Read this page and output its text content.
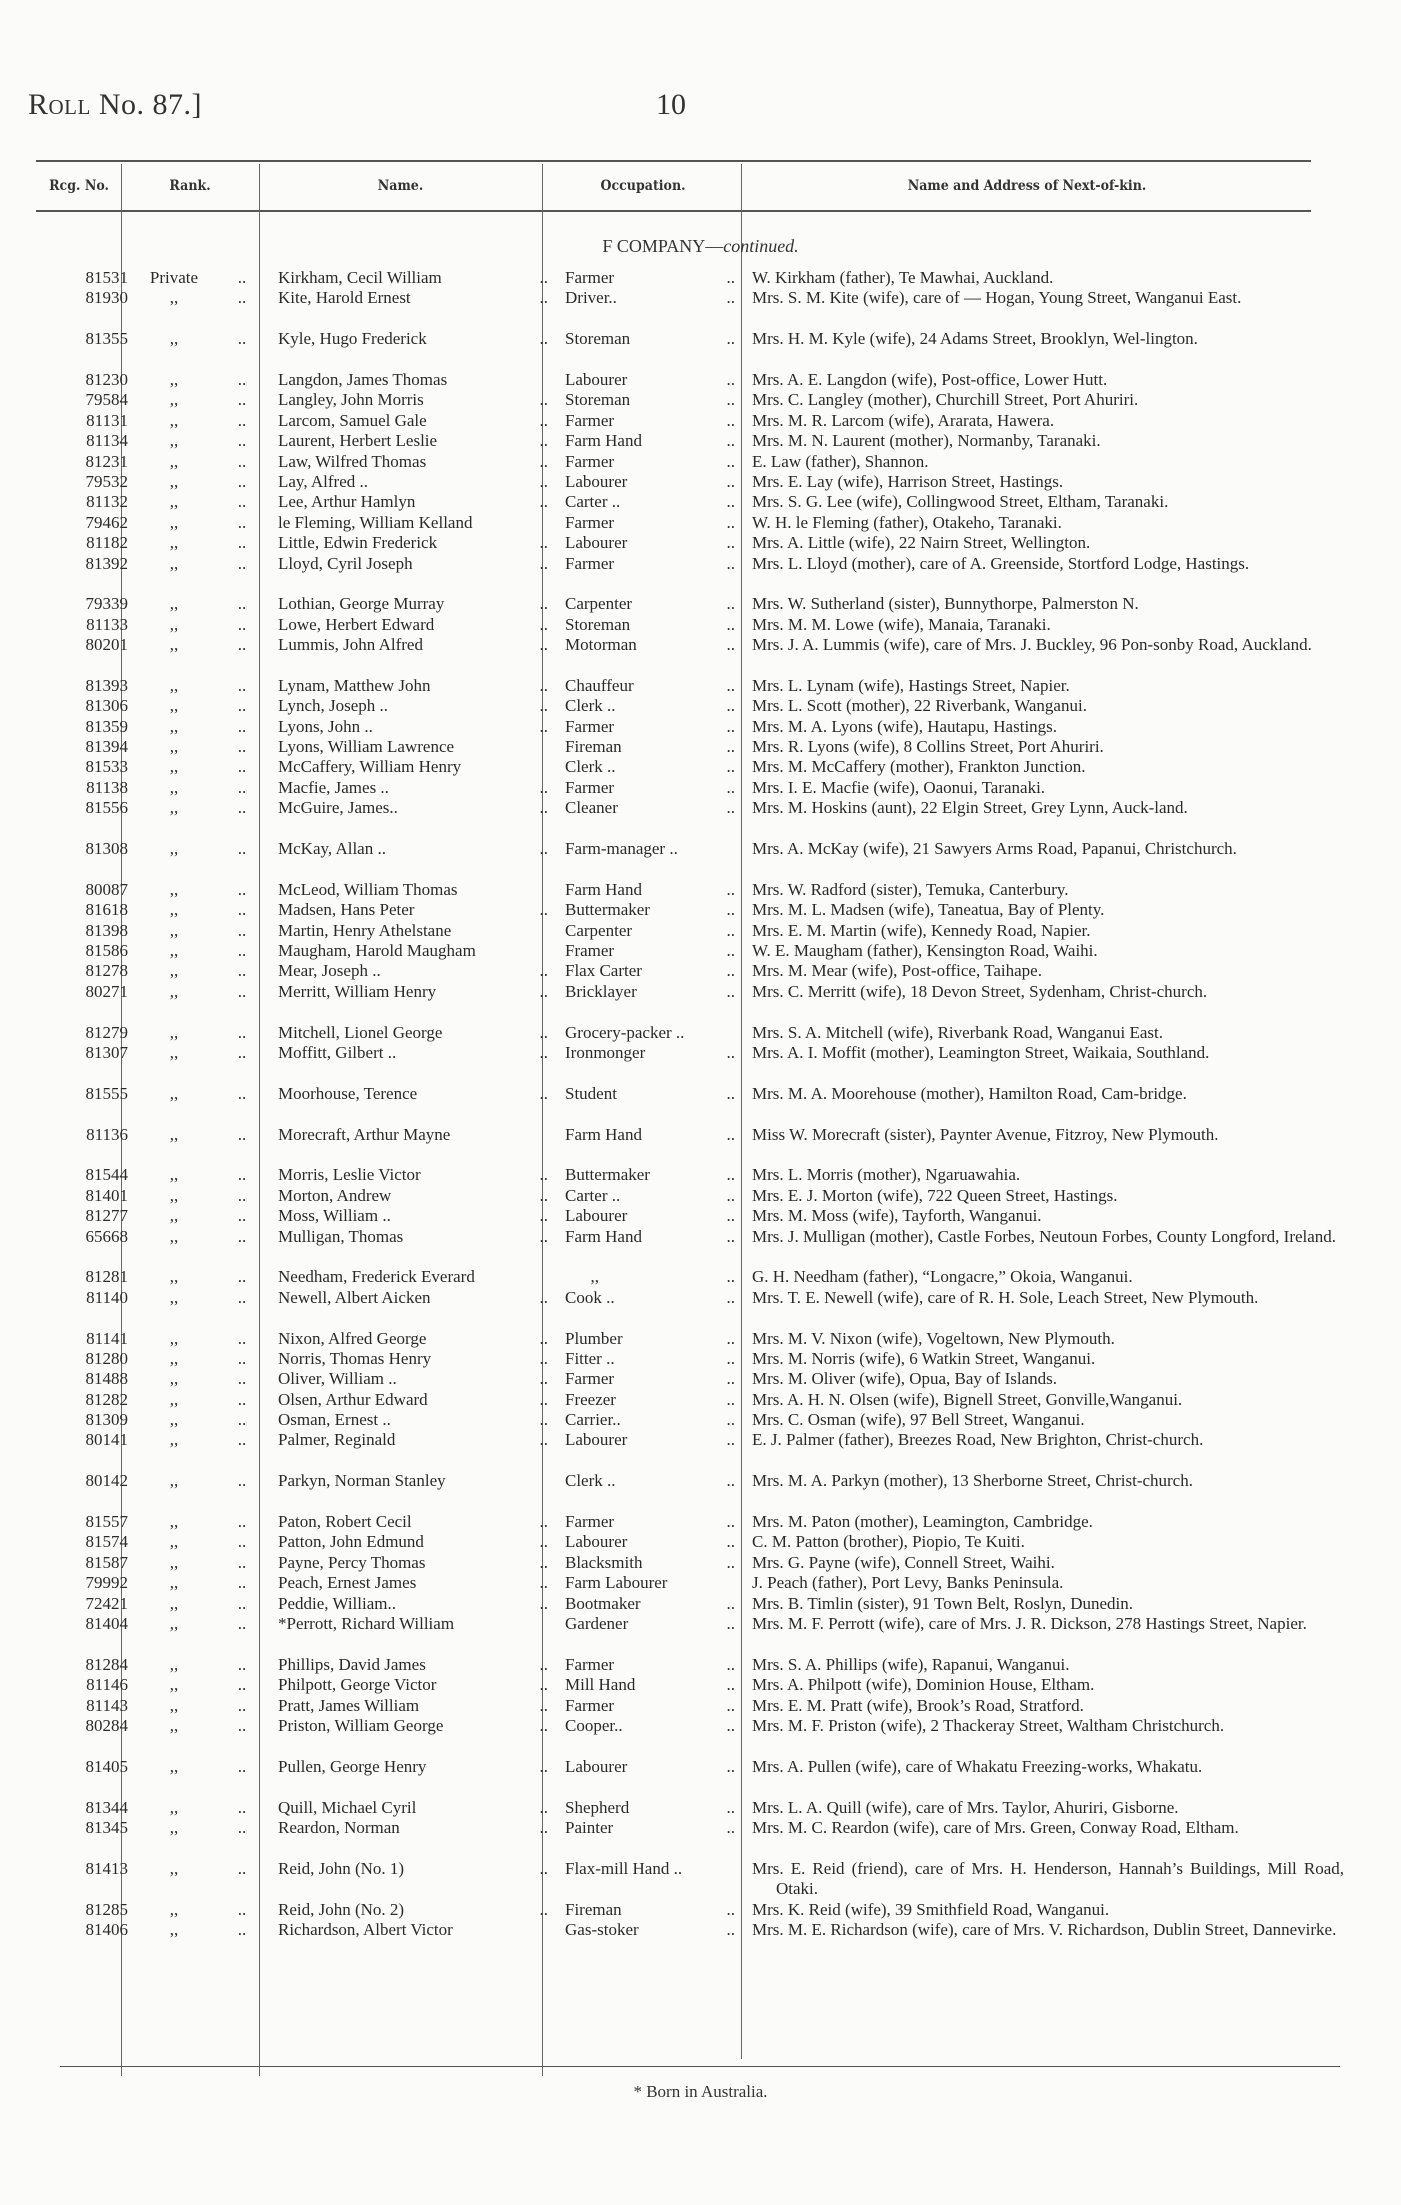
Roll No. 87.]	10
Rcg. No.	Rank.	Name.	Occupation.	Name and Address of Next-of-kin.
F COMPANY—continued.
81531	Private	..	Kirkham, Cecil William	.. Farmer	.. W. Kirkham (father), Te Mawhai, Auckland.
81930	,,	..	Kite, Harold Ernest	.. Driver..	.. Mrs. S. M. Kite (wife), care of — Hogan, Young Street, Wanganui East.
81355	,,	..	Kyle, Hugo Frederick	.. Storeman	.. Mrs. H. M. Kyle (wife), 24 Adams Street, Brooklyn, Wel-lington.
81230	,,	..	Langdon, James Thomas	Labourer	.. Mrs. A. E. Langdon (wife), Post-office, Lower Hutt.
79584	,,	..	Langley, John Morris	.. Storeman	.. Mrs. C. Langley (mother), Churchill Street, Port Ahuriri.
81131	,,	..	Larcom, Samuel Gale	.. Farmer	.. Mrs. M. R. Larcom (wife), Ararata, Hawera.
81134	,,	..	Laurent, Herbert Leslie	.. Farm Hand	.. Mrs. M. N. Laurent (mother), Normanby, Taranaki.
81231	,,	..	Law, Wilfred Thomas	.. Farmer	.. E. Law (father), Shannon.
79532	,,	..	Lay, Alfred ..	.. Labourer	.. Mrs. E. Lay (wife), Harrison Street, Hastings.
81132	,,	..	Lee, Arthur Hamlyn	.. Carter ..	.. Mrs. S. G. Lee (wife), Collingwood Street, Eltham, Taranaki.
79462	,,	..	le Fleming, William Kelland	Farmer	.. W. H. le Fleming (father), Otakeho, Taranaki.
81182	,,	..	Little, Edwin Frederick	.. Labourer	.. Mrs. A. Little (wife), 22 Nairn Street, Wellington.
81392	,,	..	Lloyd, Cyril Joseph	.. Farmer	.. Mrs. L. Lloyd (mother), care of A. Greenside, Stortford Lodge, Hastings.
79339	,,	..	Lothian, George Murray	.. Carpenter	.. Mrs. W. Sutherland (sister), Bunnythorpe, Palmerston N.
81133	,,	..	Lowe, Herbert Edward	.. Storeman	.. Mrs. M. M. Lowe (wife), Manaia, Taranaki.
80201	,,	..	Lummis, John Alfred	.. Motorman	.. Mrs. J. A. Lummis (wife), care of Mrs. J. Buckley, 96 Pon-sonby Road, Auckland.
81393	,,	..	Lynam, Matthew John	.. Chauffeur	.. Mrs. L. Lynam (wife), Hastings Street, Napier.
81306	,,	..	Lynch, Joseph ..	.. Clerk ..	.. Mrs. L. Scott (mother), 22 Riverbank, Wanganui.
81359	,,	..	Lyons, John ..	.. Farmer	.. Mrs. M. A. Lyons (wife), Hautapu, Hastings.
81394	,,	..	Lyons, William Lawrence	Fireman	.. Mrs. R. Lyons (wife), 8 Collins Street, Port Ahuriri.
81533	,,	..	McCaffery, William Henry	Clerk ..	.. Mrs. M. McCaffery (mother), Frankton Junction.
81138	,,	..	Macfie, James ..	.. Farmer	.. Mrs. I. E. Macfie (wife), Oaonui, Taranaki.
81556	,,	..	McGuire, James..	.. Cleaner	.. Mrs. M. Hoskins (aunt), 22 Elgin Street, Grey Lynn, Auck-land.
81308	,,	..	McKay, Allan ..	.. Farm-manager ..	Mrs. A. McKay (wife), 21 Sawyers Arms Road, Papanui, Christchurch.
80087	,,	..	McLeod, William Thomas	Farm Hand	.. Mrs. W. Radford (sister), Temuka, Canterbury.
81618	,,	..	Madsen, Hans Peter	.. Buttermaker	.. Mrs. M. L. Madsen (wife), Taneatua, Bay of Plenty.
81398	,,	..	Martin, Henry Athelstane	Carpenter	.. Mrs. E. M. Martin (wife), Kennedy Road, Napier.
81586	,,	..	Maugham, Harold Maugham	Framer	.. W. E. Maugham (father), Kensington Road, Waihi.
81278	,,	..	Mear, Joseph ..	.. Flax Carter	.. Mrs. M. Mear (wife), Post-office, Taihape.
80271	,,	..	Merritt, William Henry	.. Bricklayer	.. Mrs. C. Merritt (wife), 18 Devon Street, Sydenham, Christ-church.
81279	,,	..	Mitchell, Lionel George	.. Grocery-packer ..	Mrs. S. A. Mitchell (wife), Riverbank Road, Wanganui East.
81307	,,	..	Moffitt, Gilbert ..	.. Ironmonger	.. Mrs. A. I. Moffit (mother), Leamington Street, Waikaia, Southland.
81555	,,	..	Moorhouse, Terence	.. Student	.. Mrs. M. A. Moorehouse (mother), Hamilton Road, Cam-bridge.
81136	,,	..	Morecraft, Arthur Mayne	Farm Hand	.. Miss W. Morecraft (sister), Paynter Avenue, Fitzroy, New Plymouth.
81544	,,	..	Morris, Leslie Victor	.. Buttermaker	.. Mrs. L. Morris (mother), Ngaruawahia.
81401	,,	..	Morton, Andrew	.. Carter ..	.. Mrs. E. J. Morton (wife), 722 Queen Street, Hastings.
81277	,,	..	Moss, William ..	.. Labourer	.. Mrs. M. Moss (wife), Tayforth, Wanganui.
65668	,,	..	Mulligan, Thomas	.. Farm Hand	.. Mrs. J. Mulligan (mother), Castle Forbes, Neutoun Forbes, County Longford, Ireland.
81281	,,	..	Needham, Frederick Everard	,,	.. G. H. Needham (father), “Longacre,” Okoia, Wanganui.
81140	,,	..	Newell, Albert Aicken	.. Cook ..	.. Mrs. T. E. Newell (wife), care of R. H. Sole, Leach Street, New Plymouth.
81141	,,	..	Nixon, Alfred George	.. Plumber	.. Mrs. M. V. Nixon (wife), Vogeltown, New Plymouth.
81280	,,	..	Norris, Thomas Henry	.. Fitter ..	.. Mrs. M. Norris (wife), 6 Watkin Street, Wanganui.
81488	,,	..	Oliver, William ..	.. Farmer	.. Mrs. M. Oliver (wife), Opua, Bay of Islands.
81282	,,	..	Olsen, Arthur Edward	.. Freezer	.. Mrs. A. H. N. Olsen (wife), Bignell Street, Gonville,Wanganui.
81309	,,	..	Osman, Ernest ..	.. Carrier..	.. Mrs. C. Osman (wife), 97 Bell Street, Wanganui.
80141	,,	..	Palmer, Reginald	.. Labourer	.. E. J. Palmer (father), Breezes Road, New Brighton, Christ-church.
80142	,,	..	Parkyn, Norman Stanley	Clerk ..	.. Mrs. M. A. Parkyn (mother), 13 Sherborne Street, Christ-church.
81557	,,	..	Paton, Robert Cecil	.. Farmer	.. Mrs. M. Paton (mother), Leamington, Cambridge.
81574	,,	..	Patton, John Edmund	.. Labourer	.. C. M. Patton (brother), Piopio, Te Kuiti.
81587	,,	..	Payne, Percy Thomas	.. Blacksmith	.. Mrs. G. Payne (wife), Connell Street, Waihi.
79992	,,	..	Peach, Ernest James	.. Farm Labourer	J. Peach (father), Port Levy, Banks Peninsula.
72421	,,	..	Peddie, William..	.. Bootmaker	.. Mrs. B. Timlin (sister), 91 Town Belt, Roslyn, Dunedin.
81404	,,	..	*Perrott, Richard William	Gardener	.. Mrs. M. F. Perrott (wife), care of Mrs. J. R. Dickson, 278 Hastings Street, Napier.
81284	,,	..	Phillips, David James	.. Farmer	.. Mrs. S. A. Phillips (wife), Rapanui, Wanganui.
81146	,,	..	Philpott, George Victor	.. Mill Hand	.. Mrs. A. Philpott (wife), Dominion House, Eltham.
81143	,,	..	Pratt, James William	.. Farmer	.. Mrs. E. M. Pratt (wife), Brook’s Road, Stratford.
80284	,,	..	Priston, William George	.. Cooper..	.. Mrs. M. F. Priston (wife), 2 Thackeray Street, Waltham Christchurch.
81405	,,	..	Pullen, George Henry	.. Labourer	.. Mrs. A. Pullen (wife), care of Whakatu Freezing-works, Whakatu.
81344	,,	..	Quill, Michael Cyril	.. Shepherd	.. Mrs. L. A. Quill (wife), care of Mrs. Taylor, Ahuriri, Gisborne.
81345	,,	..	Reardon, Norman	.. Painter	.. Mrs. M. C. Reardon (wife), care of Mrs. Green, Conway Road, Eltham.
81413	,,	..	Reid, John (No. 1)	.. Flax-mill Hand ..	Mrs. E. Reid (friend), care of Mrs. H. Henderson, Hannah’s Buildings, Mill Road, Otaki.
81285	,,	..	Reid, John (No. 2)	.. Fireman	.. Mrs. K. Reid (wife), 39 Smithfield Road, Wanganui.
81406	,,	..	Richardson, Albert Victor	Gas-stoker	.. Mrs. M. E. Richardson (wife), care of Mrs. V. Richardson, Dublin Street, Dannevirke.
* Born in Australia.
